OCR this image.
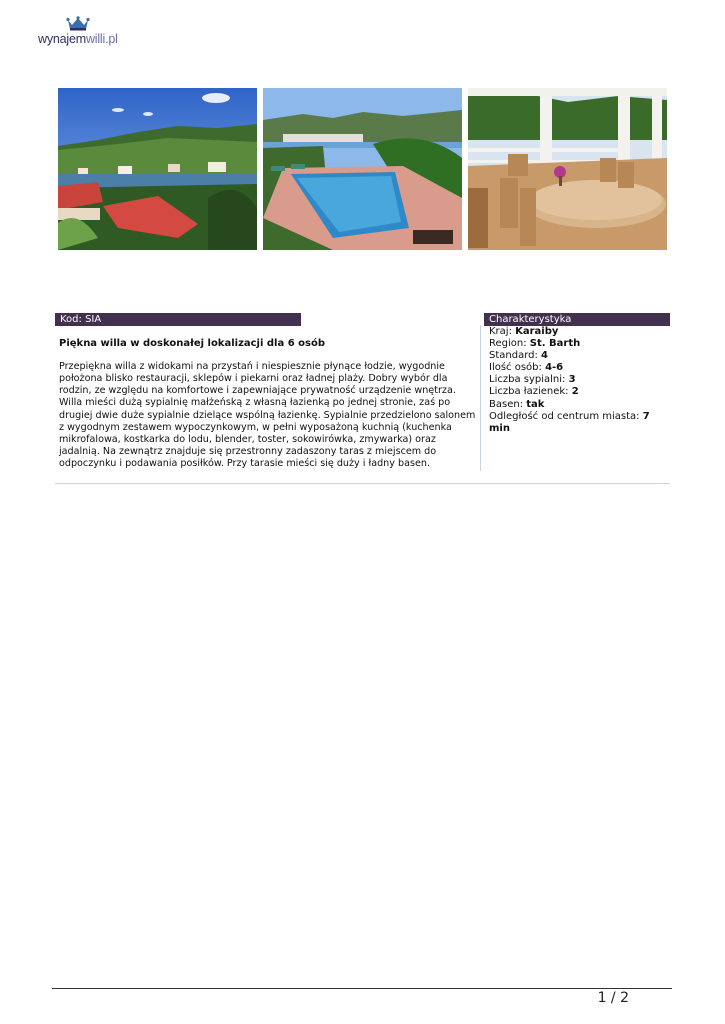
wynajemwilli.pl
Kod: SIA
Piękna willa w doskonałej lokalizacji dla 6 osób
Przepiękna willa z widokami na przystań i niespiesznie płynące łodzie, wygodnie położona blisko restauracji, sklepów i piekarni oraz ładnej plaży. Dobry wybór dla rodzin, ze względu na komfortowe i zapewniające prywatność urządzenie wnętrza. Willa mieści dużą sypialnię małżeńską z własną łazienką po jednej stronie, zaś po drugiej dwie duże sypialnie dzielące wspólną łazienkę. Sypialnie przedzielono salonem z wygodnym zestawem wypoczynkowym, w pełni wyposażoną kuchnią (kuchenka mikrofalowa, kostkarka do lodu, blender, toster, sokowirówka, zmywarka) oraz jadalnią. Na zewnątrz znajduje się przestronny zadaszony taras z miejscem do odpoczynku i podawania posiłków. Przy tarasie mieści się duży i ładny basen.
Charakterystyka
Kraj: Karaiby
Region: St. Barth
Standard: 4
Ilość osób: 4-6
Liczba sypialni: 3
Liczba łazienek: 2
Basen: tak
Odległość od centrum miasta: 7 min
1 / 2
